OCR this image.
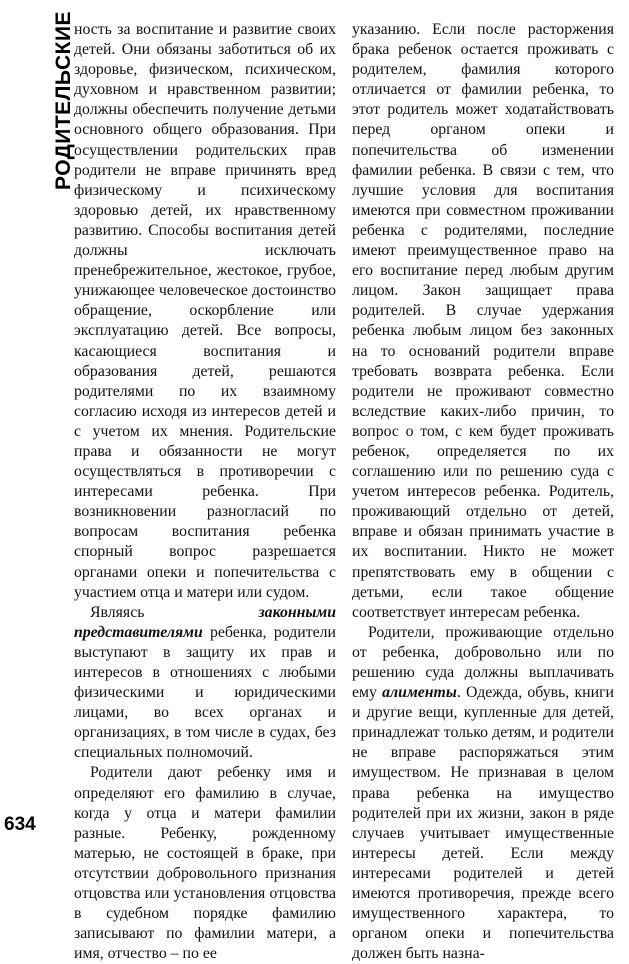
РОДИТЕЛЬСКИЕ ность за воспитание и развитие своих детей. Они обязаны заботиться об их здоровье, физическом, психическом, духовном и нравственном развитии; должны обеспечить получение детьми основного общего образования. При осуществлении родительских прав родители не вправе причинять вред физическому и психическому здоровью детей, их нравственному развитию. Способы воспитания детей должны исключать пренебрежительное, жестокое, грубое, унижающее человеческое достоинство обращение, оскорбление или эксплуатацию детей. Все вопросы, касающиеся воспитания и образования детей, решаются родителями по их взаимному согласию исходя из интересов детей и с учетом их мнения. Родительские права и обязанности не могут осуществляться в противоречии с интересами ребенка. При возникновении разногласий по вопросам воспитания ребенка спорный вопрос разрешается органами опеки и попечительства с участием отца и матери или судом.

Являясь законными представителями ребенка, родители выступают в защиту их прав и интересов в отношениях с любыми физическими и юридическими лицами, во всех органах и организациях, в том числе в судах, без специальных полномочий.

Родители дают ребенку имя и определяют его фамилию в случае, когда у отца и матери фамилии разные. Ребенку, рожденному матерью, не состоящей в браке, при отсутствии добровольного признания отцовства или установления отцовства в судебном порядке фамилию записывают по фамилии матери, а имя, отчество – по ее

указанию. Если после расторжения брака ребенок остается проживать с родителем, фамилия которого отличается от фамилии ребенка, то этот родитель может ходатайствовать перед органом опеки и попечительства об изменении фамилии ребенка. В связи с тем, что лучшие условия для воспитания имеются при совместном проживании ребенка с родителями, последние имеют преимущественное право на его воспитание перед любым другим лицом. Закон защищает права родителей. В случае удержания ребенка любым лицом без законных на то оснований родители вправе требовать возврата ребенка. Если родители не проживают совместно вследствие каких-либо причин, то вопрос о том, с кем будет проживать ребенок, определяется по их соглашению или по решению суда с учетом интересов ребенка. Родитель, проживающий отдельно от детей, вправе и обязан принимать участие в их воспитании. Никто не может препятствовать ему в общении с детьми, если такое общение соответствует интересам ребенка.

Родители, проживающие отдельно от ребенка, добровольно или по решению суда должны выплачивать ему алименты. Одежда, обувь, книги и другие вещи, купленные для детей, принадлежат только детям, и родители не вправе распоряжаться этим имуществом. Не признавая в целом права ребенка на имущество родителей при их жизни, закон в ряде случаев учитывает имущественные интересы детей. Если между интересами родителей и детей имеются противоречия, прежде всего имущественного характера, то органом опеки и попечительства должен быть назна-

634
